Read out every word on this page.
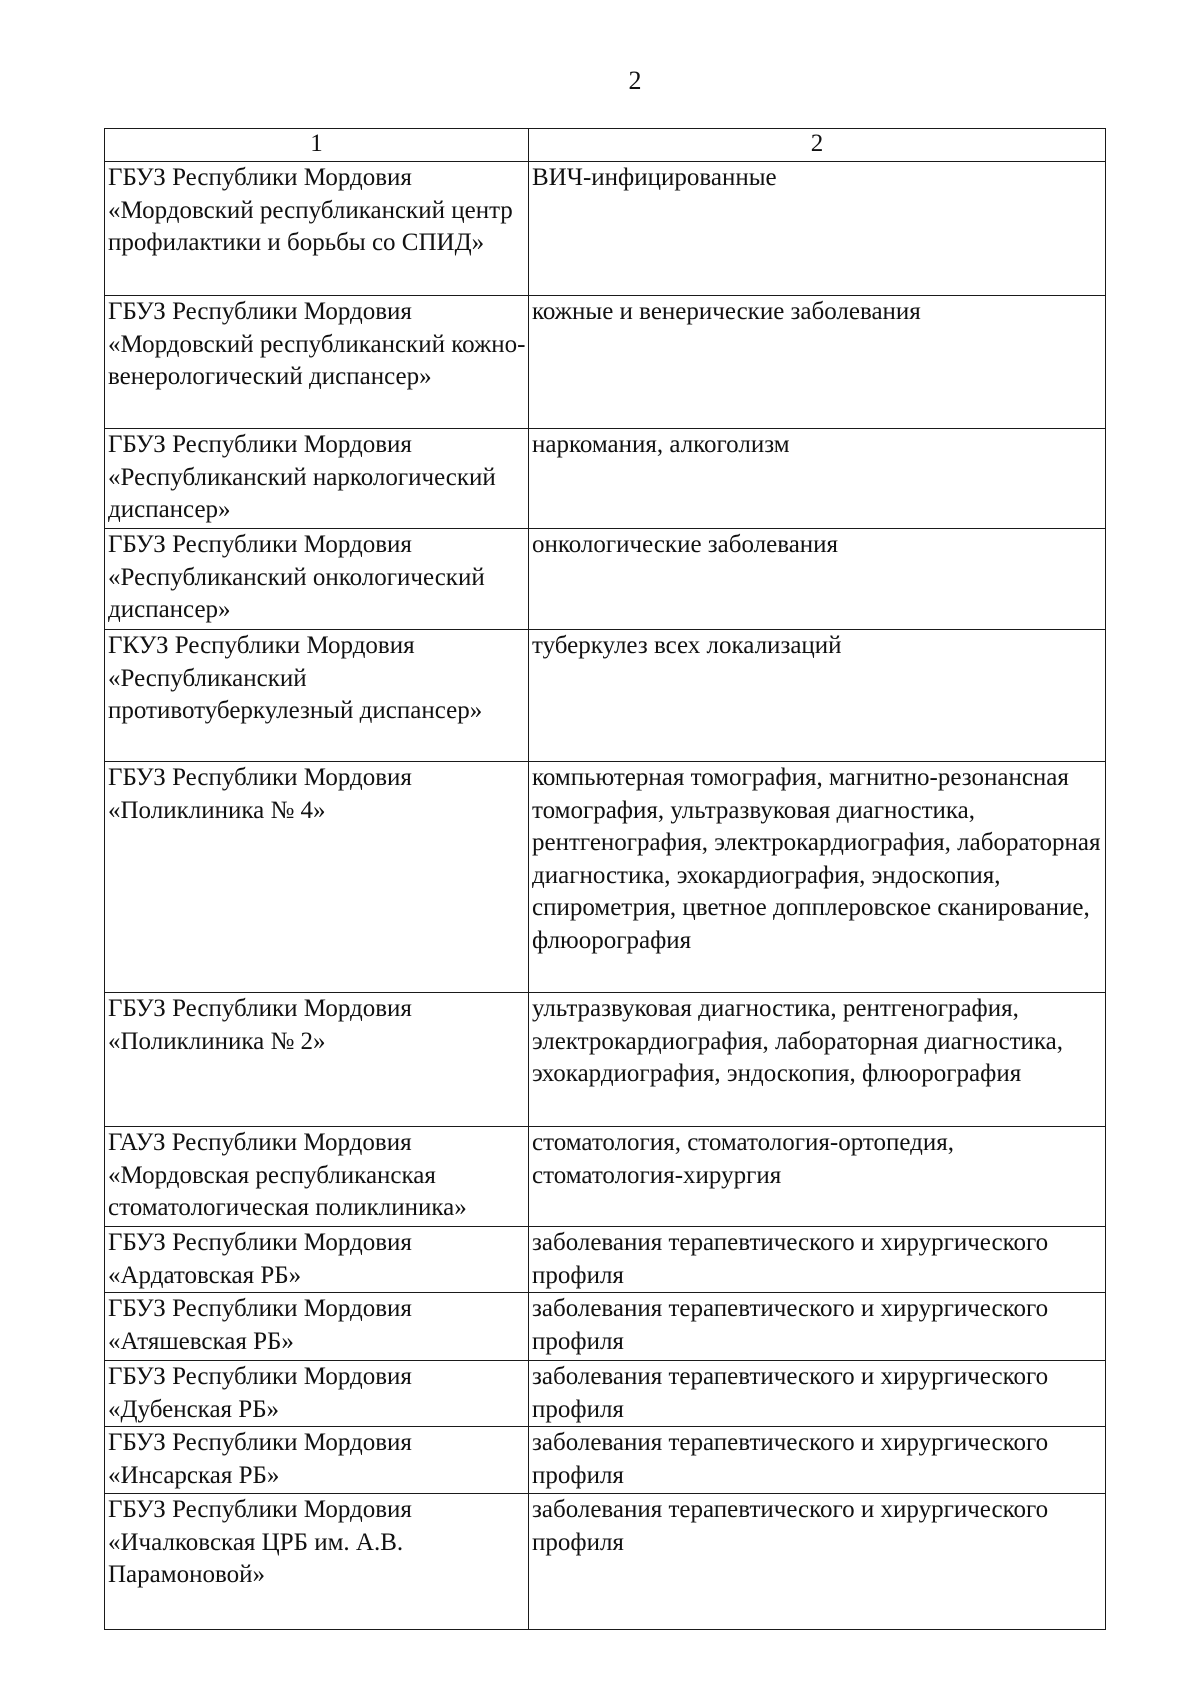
2
1	2

ГБУЗ Республики Мордовия «Мордовский республиканский центр профилактики и борьбы со СПИД»	ВИЧ-инфицированные

ГБУЗ Республики Мордовия «Мордовский республиканский кожно-венерологический диспансер»	кожные и венерические заболевания

ГБУЗ Республики Мордовия «Республиканский наркологический диспансер»	наркомания, алкоголизм

ГБУЗ Республики Мордовия «Республиканский онкологический диспансер»	онкологические заболевания

ГКУЗ Республики Мордовия «Республиканский противотуберкулезный диспансер»	туберкулез всех локализаций

ГБУЗ Республики Мордовия «Поликлиника № 4»	компьютерная томография, магнитно-резонансная томография, ультразвуковая диагностика, рентгенография, электрокардиография, лабораторная диагностика, эхокардиография, эндоскопия, спирометрия, цветное допплеровское сканирование, флюорография

ГБУЗ Республики Мордовия «Поликлиника № 2»	ультразвуковая диагностика, рентгенография, электрокардиография, лабораторная диагностика, эхокардиография, эндоскопия, флюорография

ГАУЗ Республики Мордовия «Мордовская республиканская стоматологическая поликлиника»	стоматология, стоматология-ортопедия, стоматология-хирургия

ГБУЗ Республики Мордовия «Ардатовская РБ»	заболевания терапевтического и хирургического профиля

ГБУЗ Республики Мордовия «Атяшевская РБ»	заболевания терапевтического и хирургического профиля

ГБУЗ Республики Мордовия «Дубенская РБ»	заболевания терапевтического и хирургического профиля

ГБУЗ Республики Мордовия «Инсарская РБ»	заболевания терапевтического и хирургического профиля

ГБУЗ Республики Мордовия «Ичалковская ЦРБ им. А.В. Парамоновой»	заболевания терапевтического и хирургического профиля
